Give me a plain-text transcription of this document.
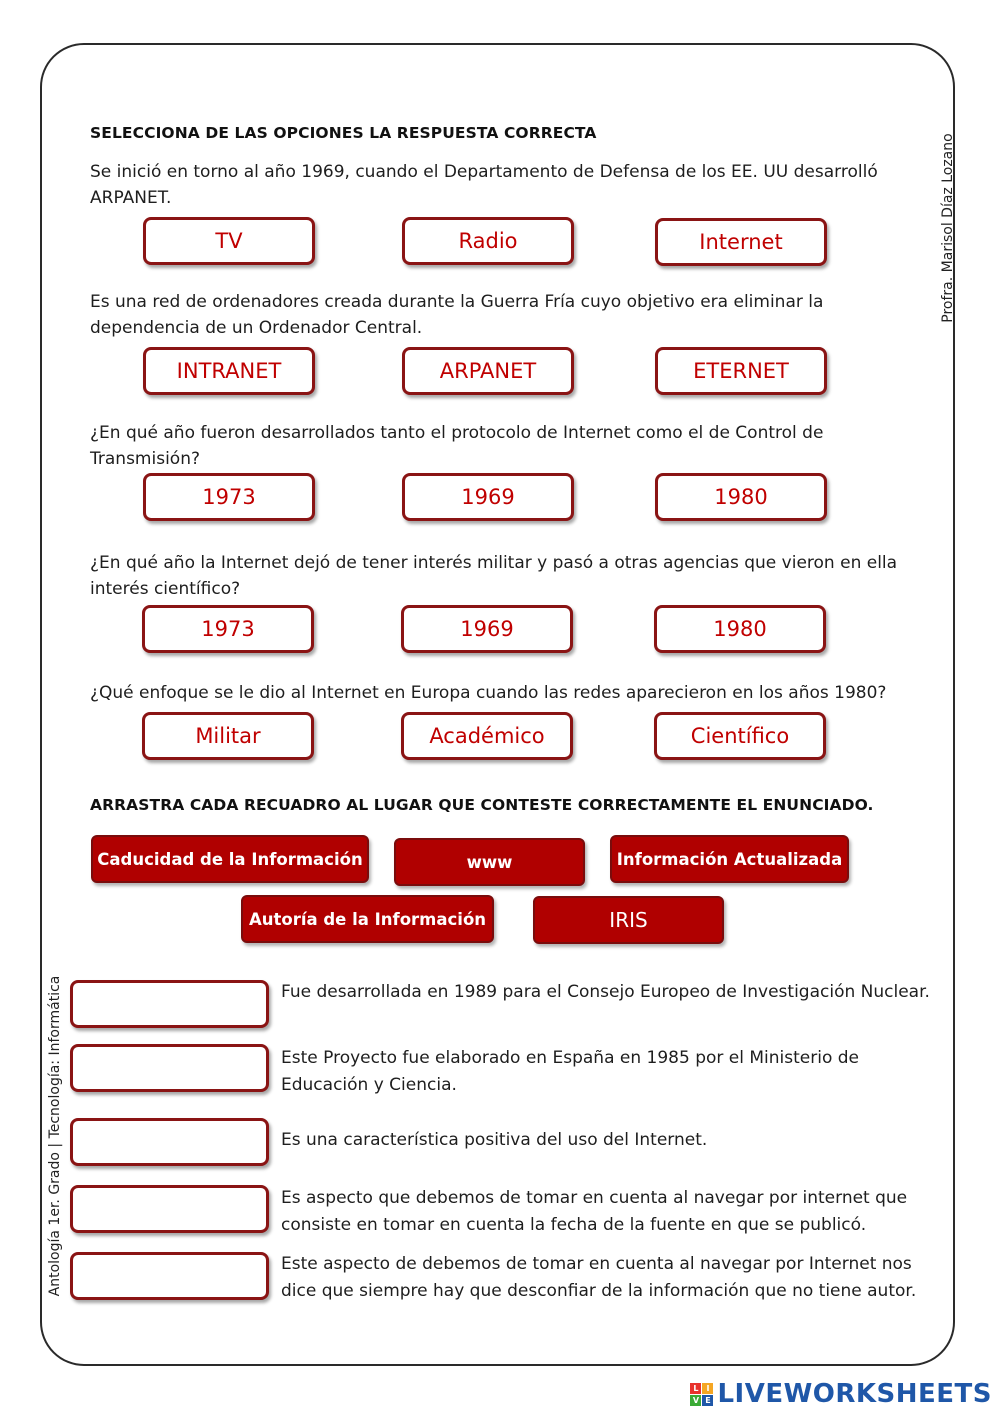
Profra. Marisol Díaz Lozano
Antología 1er. Grado | Tecnología: Informática
SELECCIONA DE LAS OPCIONES LA RESPUESTA CORRECTA
Se inició en torno al año 1969, cuando el Departamento de Defensa de los EE. UU desarrolló ARPANET.
TV	Radio	Internet
Es una red de ordenadores creada durante la Guerra Fría cuyo objetivo era eliminar la dependencia de un Ordenador Central.
INTRANET	ARPANET	ETERNET
¿En qué año fueron desarrollados tanto el protocolo de Internet como el de Control de Transmisión?
1973	1969	1980
¿En qué año la Internet dejó de tener interés militar y pasó a otras agencias que vieron en ella interés científico?
1973	1969	1980
¿Qué enfoque se le dio al Internet en Europa cuando las redes aparecieron en los años 1980?
Militar	Académico	Científico
ARRASTRA CADA RECUADRO AL LUGAR QUE CONTESTE CORRECTAMENTE EL ENUNCIADO.
Caducidad de la Información	www	Información Actualizada
Autoría de la Información	IRIS
Fue desarrollada en 1989 para el Consejo Europeo de Investigación Nuclear.
Este Proyecto fue elaborado en España en 1985 por el Ministerio de Educación y Ciencia.
Es una característica positiva del uso del Internet.
Es aspecto que debemos de tomar en cuenta al navegar por internet que consiste en tomar en cuenta la fecha de la fuente en que se publicó.
Este aspecto de debemos de tomar en cuenta al navegar por Internet nos dice que siempre hay que desconfiar de la información que no tiene autor.
L I
V E LIVEWORKSHEETS
